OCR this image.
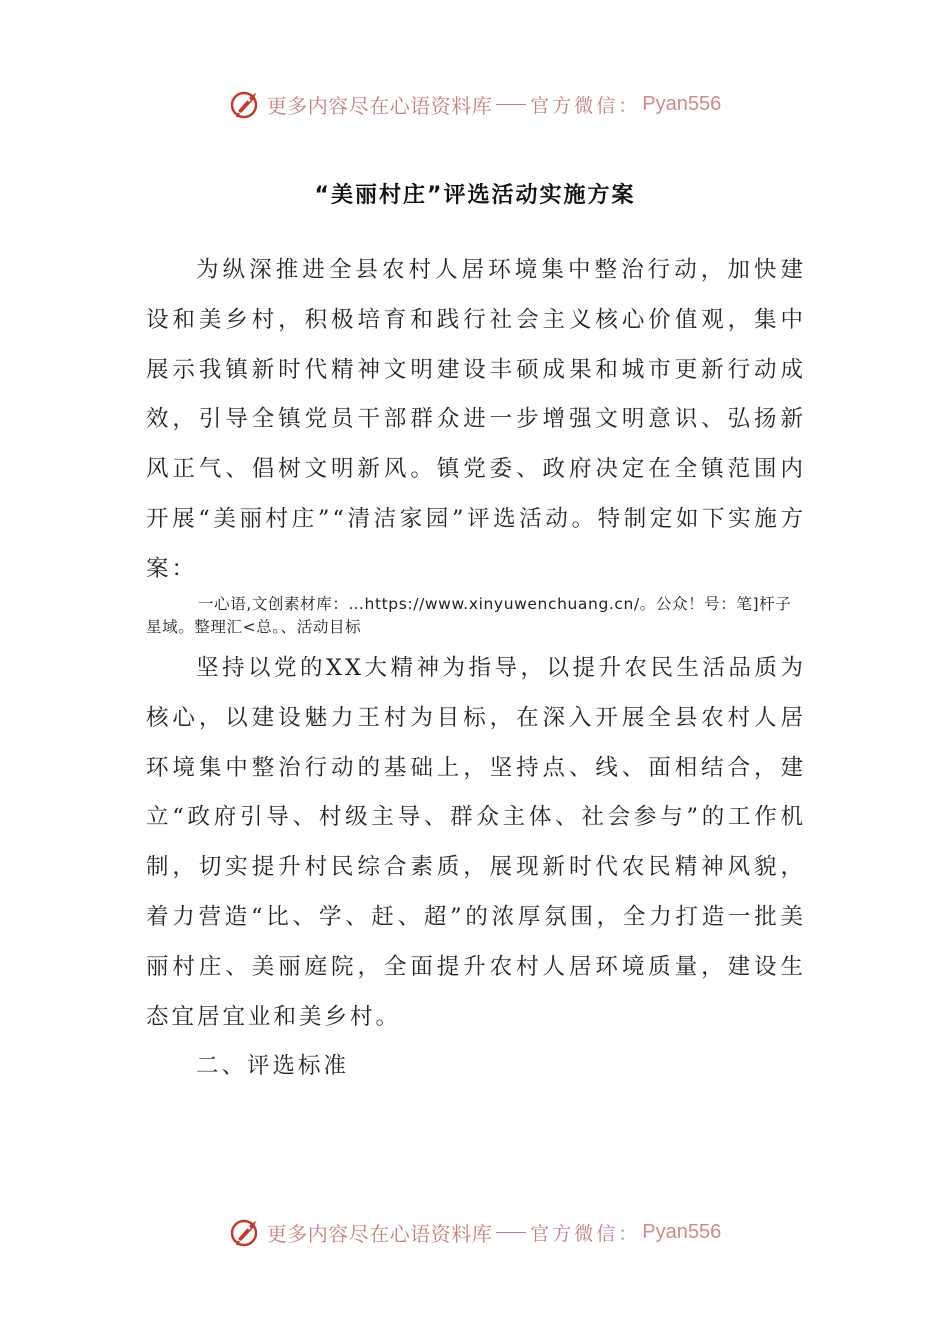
更多内容尽在心语资料库 官方微信： Pyan556
“美丽村庄”评选活动实施方案
为纵深推进全县农村人居环境集中整治行动，加快建设和美乡村，积极培育和践行社会主义核心价值观，集中展示我镇新时代精神文明建设丰硕成果和城市更新行动成效，引导全镇党员干部群众进一步增强文明意识、弘扬新风正气、倡树文明新风。镇党委、政府决定在全镇范围内开展“美丽村庄”“清洁家园”评选活动。特制定如下实施方案：
一心语,文创素材库：…https://www.xinyuwenchuang.cn/。公众！号：笔]杆子星域。整理汇<总。、活动目标
坚持以党的XX大精神为指导，以提升农民生活品质为核心，以建设魅力王村为目标，在深入开展全县农村人居环境集中整治行动的基础上，坚持点、线、面相结合，建立“政府引导、村级主导、群众主体、社会参与”的工作机制，切实提升村民综合素质，展现新时代农民精神风貌，着力营造“比、学、赶、超”的浓厚氛围，全力打造一批美丽村庄、美丽庭院，全面提升农村人居环境质量，建设生态宜居宜业和美乡村。
二、评选标准
更多内容尽在心语资料库 官方微信： Pyan556
